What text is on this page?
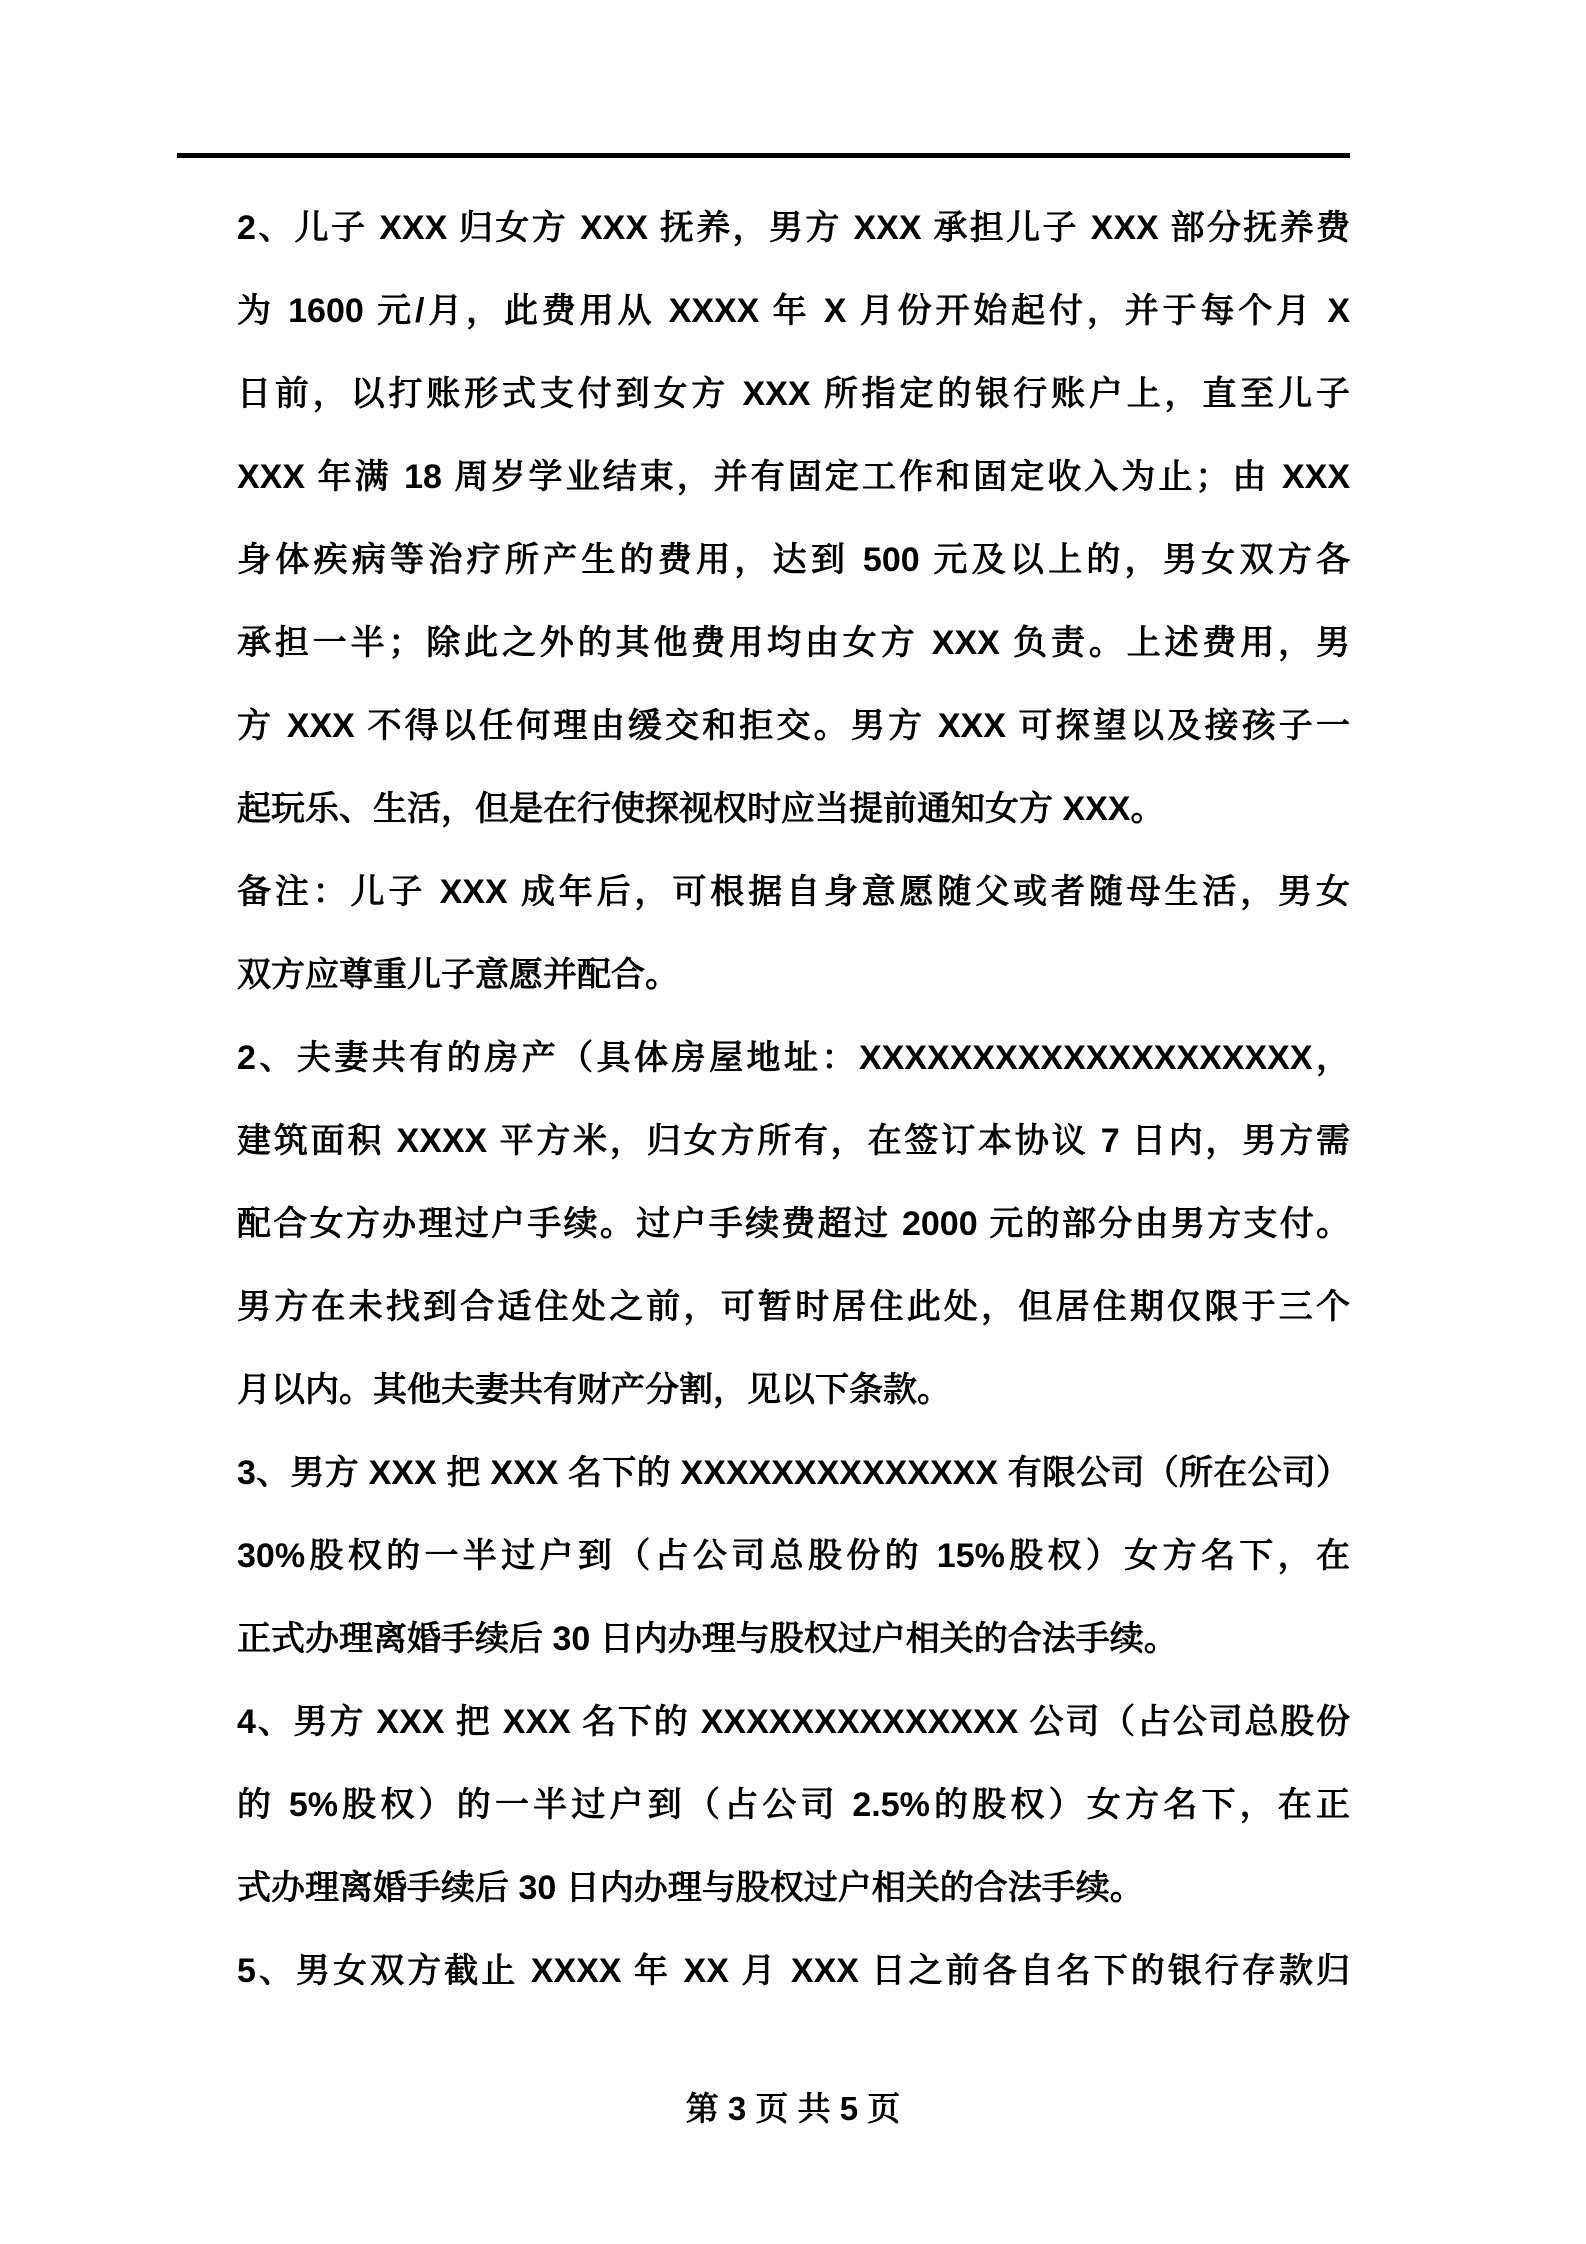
2、儿子 XXX 归女方 XXX 抚养，男方 XXX 承担儿子 XXX 部分抚养费
为 1600 元/月，此费用从 XXXX 年 X 月份开始起付，并于每个月 X
日前，以打账形式支付到女方 XXX 所指定的银行账户上，直至儿子
XXX 年满 18 周岁学业结束，并有固定工作和固定收入为止；由 XXX
身体疾病等治疗所产生的费用，达到 500 元及以上的，男女双方各
承担一半；除此之外的其他费用均由女方 XXX 负责。上述费用，男
方 XXX 不得以任何理由缓交和拒交。男方 XXX 可探望以及接孩子一
起玩乐、生活，但是在行使探视权时应当提前通知女方 XXX。
备注：儿子 XXX 成年后，可根据自身意愿随父或者随母生活，男女
双方应尊重儿子意愿并配合。
2、夫妻共有的房产（具体房屋地址：XXXXXXXXXXXXXXXXXXXX，
建筑面积 XXXX 平方米，归女方所有，在签订本协议 7 日内，男方需
配合女方办理过户手续。过户手续费超过 2000 元的部分由男方支付。
男方在未找到合适住处之前，可暂时居住此处，但居住期仅限于三个
月以内。其他夫妻共有财产分割，见以下条款。
3、男方 XXX 把 XXX 名下的 XXXXXXXXXXXXXX 有限公司（所在公司）
30%股权的一半过户到（占公司总股份的 15%股权）女方名下，在
正式办理离婚手续后 30 日内办理与股权过户相关的合法手续。
4、男方 XXX 把 XXX 名下的 XXXXXXXXXXXXXX 公司（占公司总股份
的 5%股权）的一半过户到（占公司 2.5%的股权）女方名下，在正
式办理离婚手续后 30 日内办理与股权过户相关的合法手续。
5、男女双方截止 XXXX 年 XX 月 XXX 日之前各自名下的银行存款归
第 3 页 共 5 页
